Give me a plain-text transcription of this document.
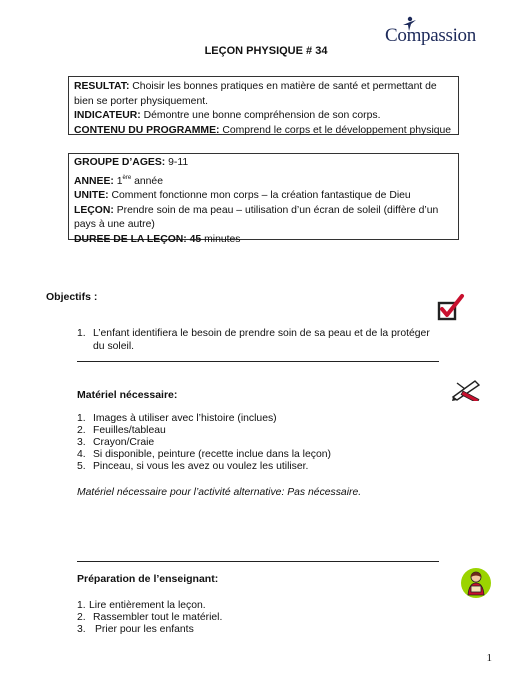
Compassion
LEÇON PHYSIQUE # 34

RESULTAT: Choisir les bonnes pratiques en matière de santé et permettant de bien se porter physiquement.

INDICATEUR: Démontre une bonne compréhension de son corps.

CONTENU DU PROGRAMME: Comprend le corps et le développement physique

GROUPE D’AGES: 9-11

ANNEE: 1ère année

UNITE: Comment fonctionne mon corps – la création fantastique de Dieu

LEÇON: Prendre soin de ma peau – utilisation d’un écran de soleil (diffère d’un pays à une autre)

DUREE DE LA LEÇON: 45 minutes

Objectifs :
1. L’enfant identifiera le besoin de prendre soin de sa peau et de la protéger du soleil.
Matériel nécessaire:
1. Images à utiliser avec l’histoire (inclues)
2. Feuilles/tableau
3. Crayon/Craie
4. Si disponible, peinture (recette inclue dans la leçon)
5. Pinceau, si vous les avez ou voulez les utiliser.
Matériel nécessaire pour l’activité alternative: Pas nécessaire.
Préparation de l’enseignant:
1. Lire entièrement la leçon.
2. Rassembler tout le matériel.
3. Prier pour les enfants
1
